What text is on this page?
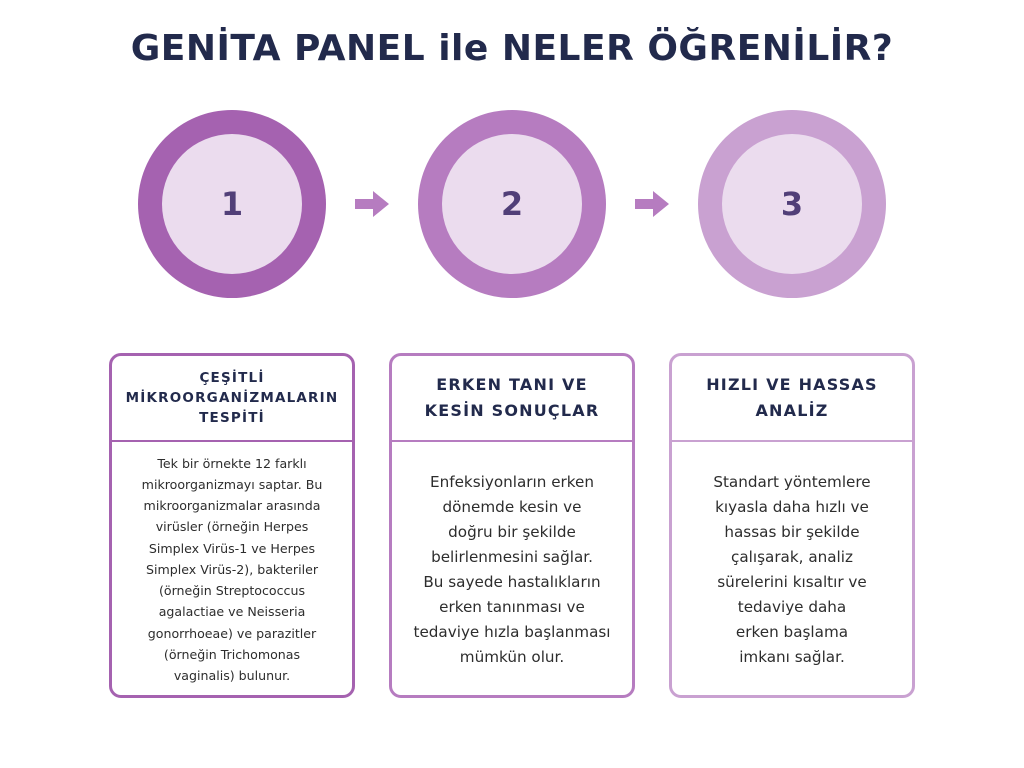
GENİTA PANEL ile NELER ÖĞRENİLİR?
1	2	3

ÇEŞİTLİ
MİKROORGANİZMALARIN
TESPİTİ

Tek bir örnekte 12 farklı
mikroorganizmayı saptar. Bu
mikroorganizmalar arasında
virüsler (örneğin Herpes
Simplex Virüs-1 ve Herpes
Simplex Virüs-2), bakteriler
(örneğin Streptococcus
agalactiae ve Neisseria
gonorrhoeae) ve parazitler
(örneğin Trichomonas
vaginalis) bulunur.

ERKEN TANI VE
KESİN SONUÇLAR

Enfeksiyonların erken
dönemde kesin ve
doğru bir şekilde
belirlenmesini sağlar.
Bu sayede hastalıkların
erken tanınması ve
tedaviye hızla başlanması
mümkün olur.

HIZLI VE HASSAS
ANALİZ

Standart yöntemlere
kıyasla daha hızlı ve
hassas bir şekilde
çalışarak, analiz
sürelerini kısaltır ve
tedaviye daha
erken başlama
imkanı sağlar.
